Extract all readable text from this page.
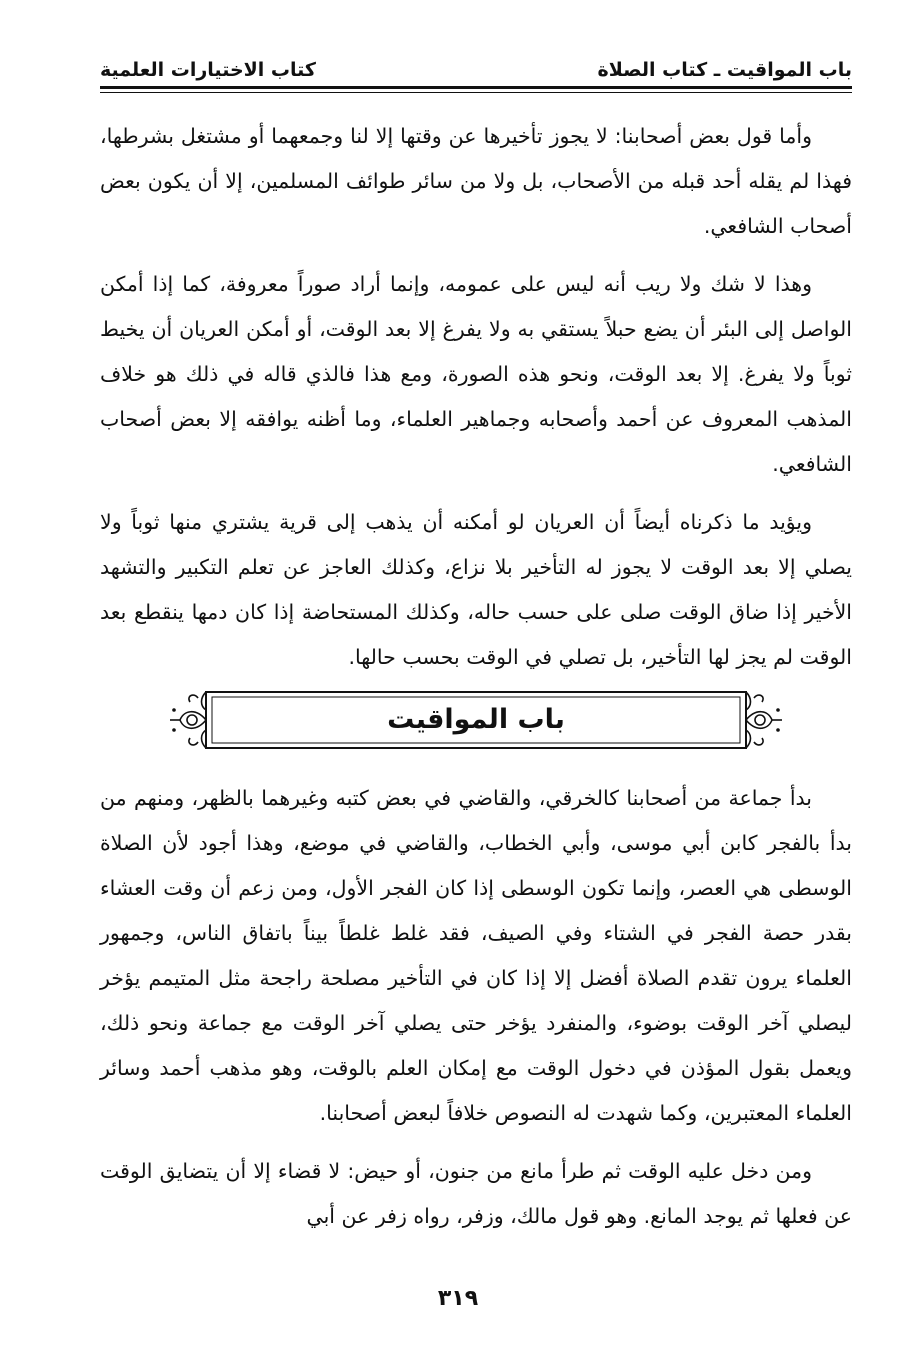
باب المواقيت ـ كتاب الصلاة
كتاب الاختيارات العلمية

وأما قول بعض أصحابنا: لا يجوز تأخيرها عن وقتها إلا لنا وجمعهما أو مشتغل بشرطها، فهذا لم يقله أحد قبله من الأصحاب، بل ولا من سائر طوائف المسلمين، إلا أن يكون بعض أصحاب الشافعي.

وهذا لا شك ولا ريب أنه ليس على عمومه، وإنما أراد صوراً معروفة، كما إذا أمكن الواصل إلى البئر أن يضع حبلاً يستقي به ولا يفرغ إلا بعد الوقت، أو أمكن العريان أن يخيط ثوباً ولا يفرغ. إلا بعد الوقت، ونحو هذه الصورة، ومع هذا فالذي قاله في ذلك هو خلاف المذهب المعروف عن أحمد وأصحابه وجماهير العلماء، وما أظنه يوافقه إلا بعض أصحاب الشافعي.

ويؤيد ما ذكرناه أيضاً أن العريان لو أمكنه أن يذهب إلى قرية يشتري منها ثوباً ولا يصلي إلا بعد الوقت لا يجوز له التأخير بلا نزاع، وكذلك العاجز عن تعلم التكبير والتشهد الأخير إذا ضاق الوقت صلى على حسب حاله، وكذلك المستحاضة إذا كان دمها ينقطع بعد الوقت لم يجز لها التأخير، بل تصلي في الوقت بحسب حالها.

باب المواقيت

بدأ جماعة من أصحابنا كالخرقي، والقاضي في بعض كتبه وغيرهما بالظهر، ومنهم من بدأ بالفجر كابن أبي موسى، وأبي الخطاب، والقاضي في موضع، وهذا أجود لأن الصلاة الوسطى هي العصر، وإنما تكون الوسطى إذا كان الفجر الأول، ومن زعم أن وقت العشاء بقدر حصة الفجر في الشتاء وفي الصيف، فقد غلط غلطاً بيناً باتفاق الناس، وجمهور العلماء يرون تقدم الصلاة أفضل إلا إذا كان في التأخير مصلحة راجحة مثل المتيمم يؤخر ليصلي آخر الوقت بوضوء، والمنفرد يؤخر حتى يصلي آخر الوقت مع جماعة ونحو ذلك، ويعمل بقول المؤذن في دخول الوقت مع إمكان العلم بالوقت، وهو مذهب أحمد وسائر العلماء المعتبرين، وكما شهدت له النصوص خلافاً لبعض أصحابنا.

ومن دخل عليه الوقت ثم طرأ مانع من جنون، أو حيض: لا قضاء إلا أن يتضايق الوقت عن فعلها ثم يوجد المانع. وهو قول مالك، وزفر، رواه زفر عن أبي

٣١٩
